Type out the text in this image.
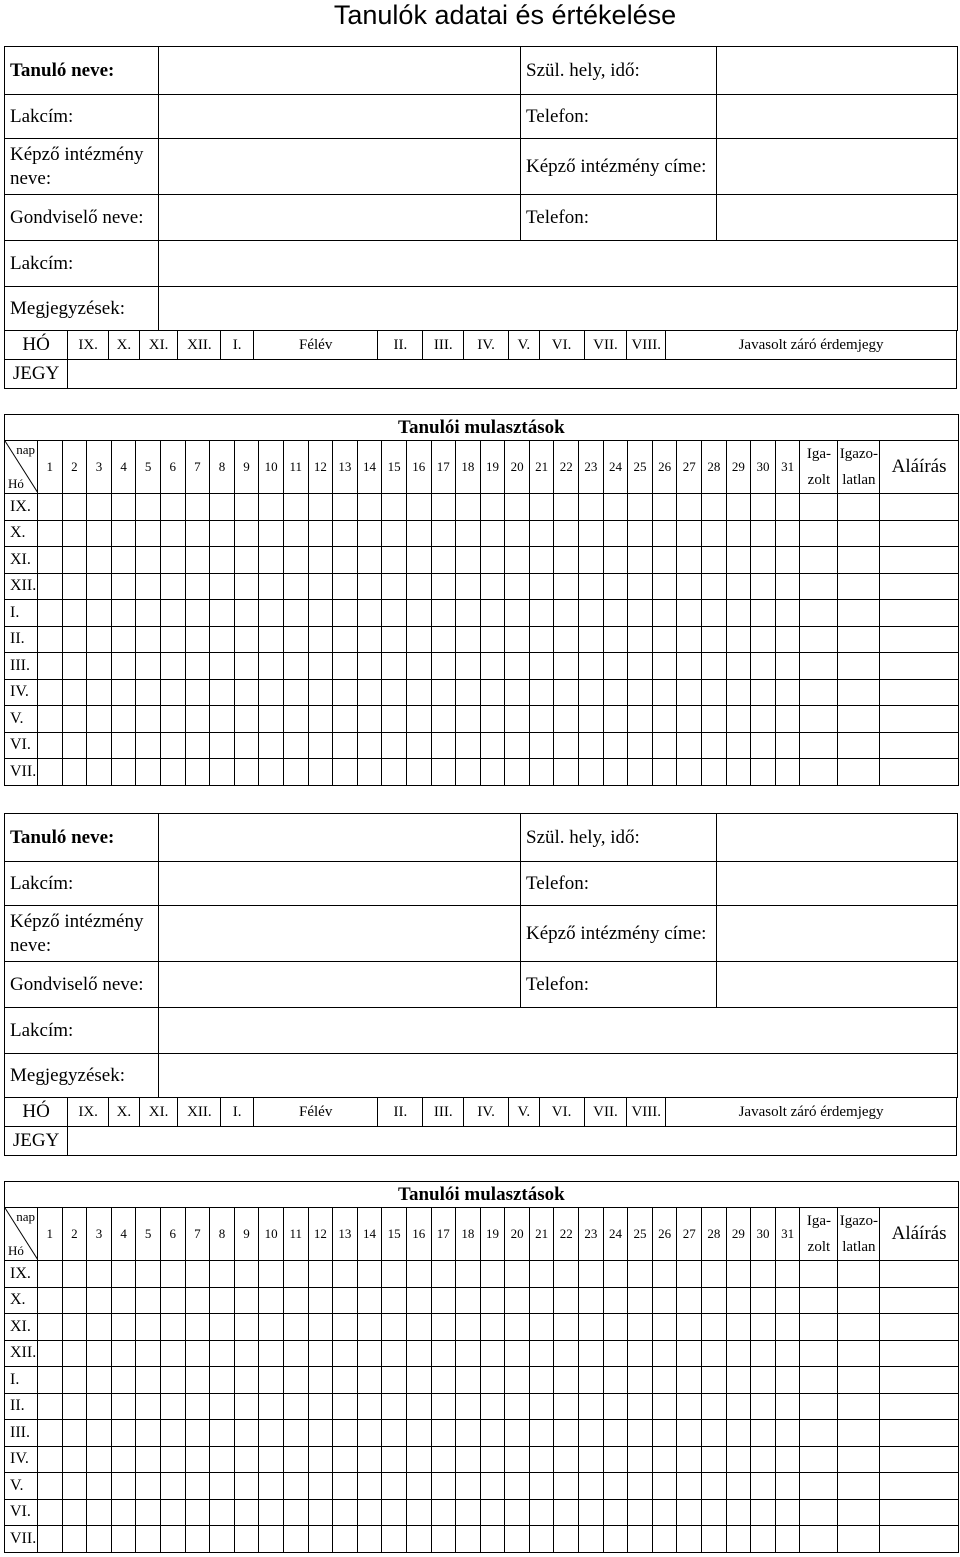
Tanulók adatai és értékelése
Tanuló neve:		Szül. hely, idő:	
Lakcím:		Telefon:	
Képző intézmény neve:		Képző intézmény címe:	
Gondviselő neve:		Telefon:	
Lakcím:			
Megjegyzések:			
HÓ	IX.	X.	XI.	XII.	I.	Félév	II.	III.	IV.	V.	VI.	VII.	VIII.	Javasolt záró érdemjegy
JEGY														
Tanulói mulasztások																																		

nap
Hó	1	2	3	4	5	6	7	8	9	10	11	12	13	14	15	16	17	18	19	20	21	22	23	24	25	26	27	28	29	30	31	Iga- zolt	Igazo- latlan	Aláírás
IX.																																		
X.																																		
XI.																																		
XII.																																		
I.																																		
II.																																		
III.																																		
IV.																																		
V.																																		
VI.																																		
VII.																																		
Tanuló neve:		Szül. hely, idő:	
Lakcím:		Telefon:	
Képző intézmény neve:		Képző intézmény címe:	
Gondviselő neve:		Telefon:	
Lakcím:			
Megjegyzések:			
HÓ	IX.	X.	XI.	XII.	I.	Félév	II.	III.	IV.	V.	VI.	VII.	VIII.	Javasolt záró érdemjegy
JEGY														
Tanulói mulasztások																																		

nap
Hó	1	2	3	4	5	6	7	8	9	10	11	12	13	14	15	16	17	18	19	20	21	22	23	24	25	26	27	28	29	30	31	Iga- zolt	Igazo- latlan	Aláírás
IX.																																		
X.																																		
XI.																																		
XII.																																		
I.																																		
II.																																		
III.																																		
IV.																																		
V.																																		
VI.																																		
VII.																																		
